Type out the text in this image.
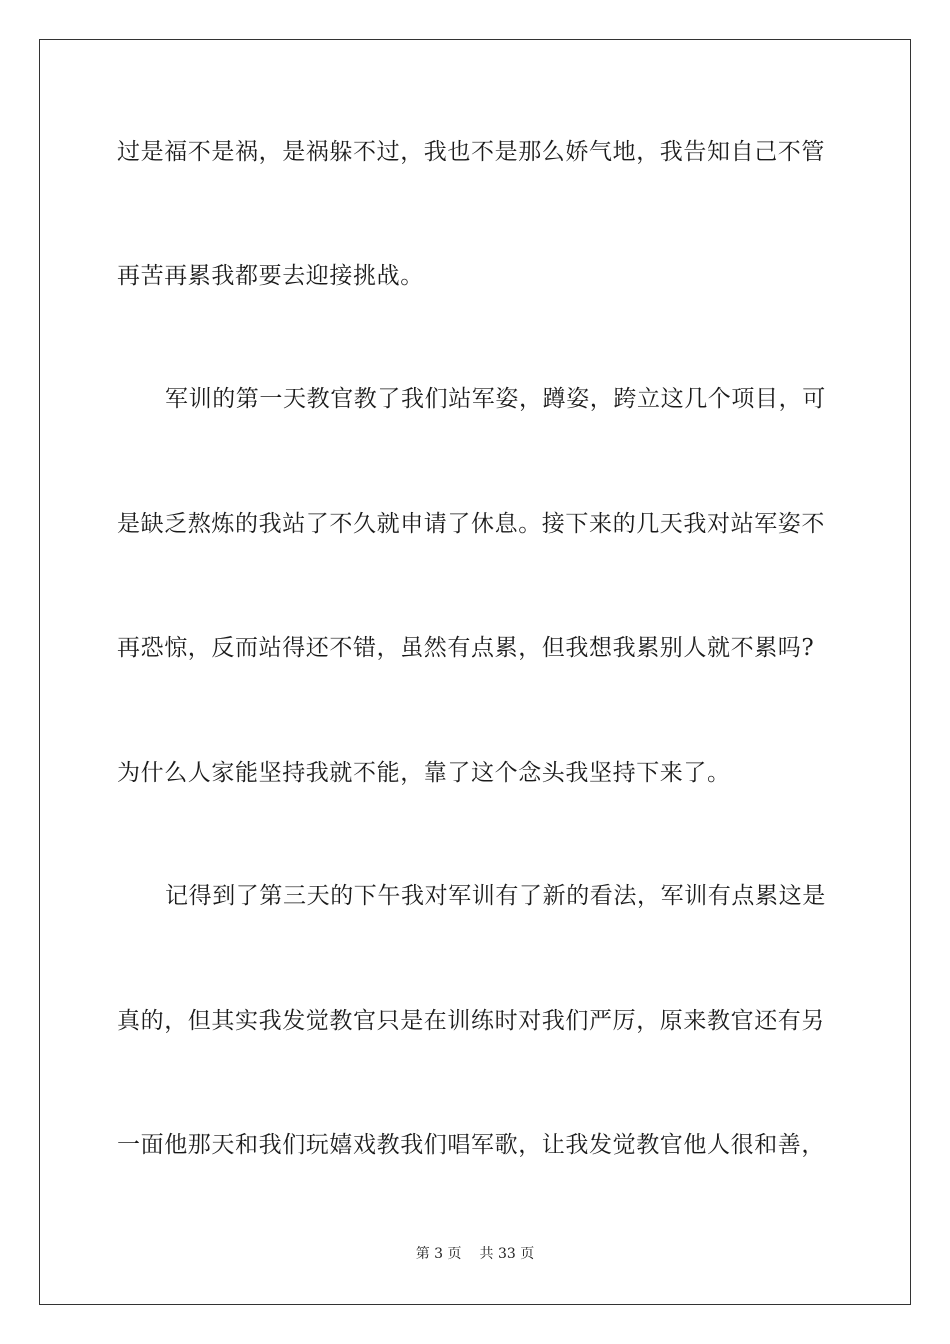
过是福不是祸，是祸躲不过，我也不是那么娇气地，我告知自己不管
再苦再累我都要去迎接挑战。
军训的第一天教官教了我们站军姿，蹲姿，跨立这几个项目，可
是缺乏熬炼的我站了不久就申请了休息。接下来的几天我对站军姿不
再恐惊，反而站得还不错，虽然有点累，但我想我累别人就不累吗?
为什么人家能坚持我就不能，靠了这个念头我坚持下来了。
记得到了第三天的下午我对军训有了新的看法，军训有点累这是
真的，但其实我发觉教官只是在训练时对我们严厉，原来教官还有另
一面他那天和我们玩嬉戏教我们唱军歌，让我发觉教官他人很和善，
第 3 页 共 33 页
